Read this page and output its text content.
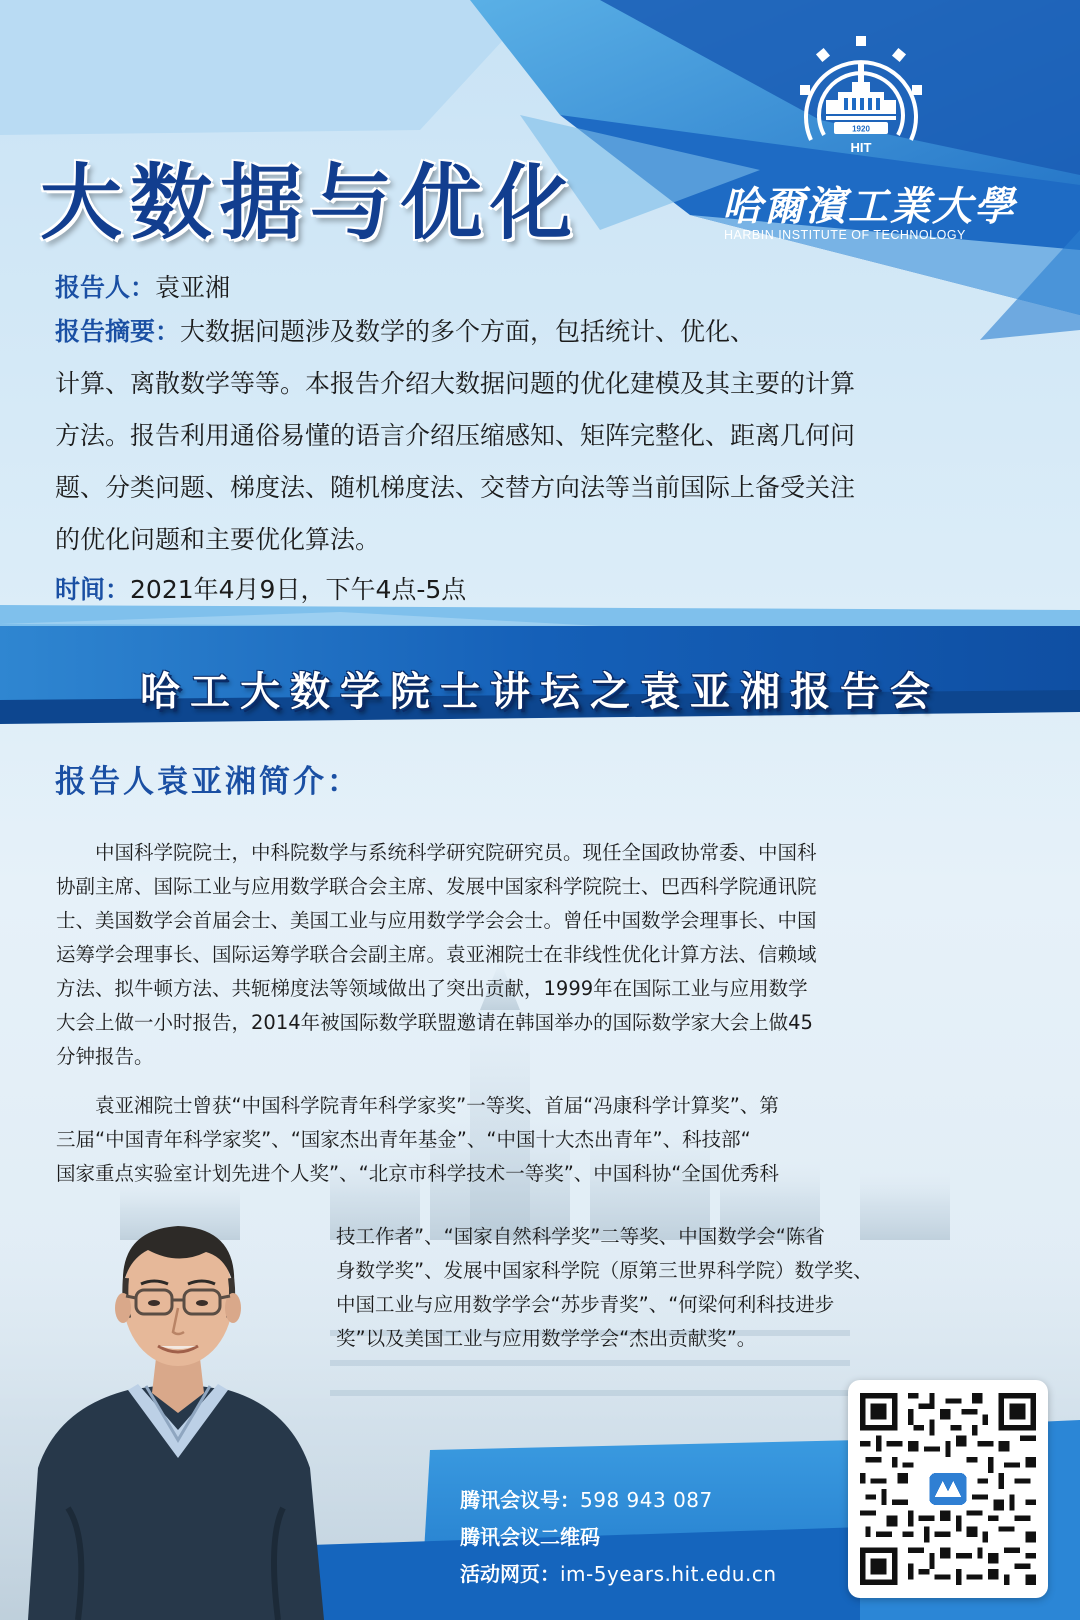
1920
HIT
大数据与优化	哈爾濱工業大學
HARBIN INSTITUTE OF TECHNOLOGY
报告人：袁亚湘
报告摘要：大数据问题涉及数学的多个方面，包括统计、优化、
计算、离散数学等等。本报告介绍大数据问题的优化建模及其主要的计算
方法。报告利用通俗易懂的语言介绍压缩感知、矩阵完整化、距离几何问
题、分类问题、梯度法、随机梯度法、交替方向法等当前国际上备受关注
的优化问题和主要优化算法。
时间：2021年4月9日，下午4点-5点
哈工大数学院士讲坛之袁亚湘报告会
报告人袁亚湘简介：
　　中国科学院院士，中科院数学与系统科学研究院研究员。现任全国政协常委、中国科
协副主席、国际工业与应用数学联合会主席、发展中国家科学院院士、巴西科学院通讯院
士、美国数学会首届会士、美国工业与应用数学学会会士。曾任中国数学会理事长、中国
运筹学会理事长、国际运筹学联合会副主席。袁亚湘院士在非线性优化计算方法、信赖域
方法、拟牛顿方法、共轭梯度法等领域做出了突出贡献，1999年在国际工业与应用数学
大会上做一小时报告，2014年被国际数学联盟邀请在韩国举办的国际数学家大会上做45
分钟报告。
　　袁亚湘院士曾获“中国科学院青年科学家奖”一等奖、首届“冯康科学计算奖”、第
三届“中国青年科学家奖”、“国家杰出青年基金”、“中国十大杰出青年”、科技部“
国家重点实验室计划先进个人奖”、“北京市科学技术一等奖”、中国科协“全国优秀科
技工作者”、“国家自然科学奖”二等奖、中国数学会“陈省
身数学奖”、发展中国家科学院（原第三世界科学院）数学奖、
中国工业与应用数学学会“苏步青奖”、“何梁何利科技进步
奖”以及美国工业与应用数学学会“杰出贡献奖”。
腾讯会议号：598 943 087
腾讯会议二维码
活动网页：im-5years.hit.edu.cn
